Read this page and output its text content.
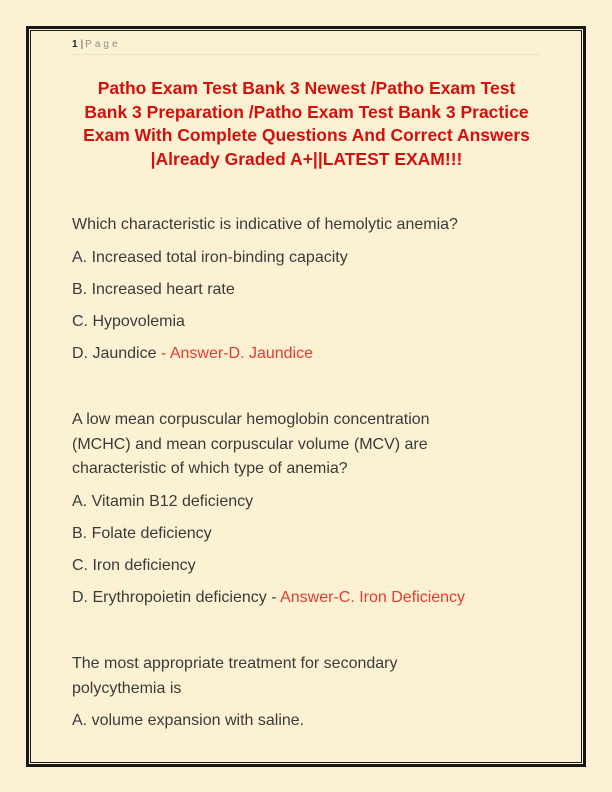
1 | Page
Patho Exam Test Bank 3 Newest /Patho Exam Test
Bank 3 Preparation /Patho Exam Test Bank 3 Practice
Exam With Complete Questions And Correct Answers
|Already Graded A+||LATEST EXAM!!!
Which characteristic is indicative of hemolytic anemia?

A. Increased total iron-binding capacity

B. Increased heart rate

C. Hypovolemia

D. Jaundice - Answer-D. Jaundice

A low mean corpuscular hemoglobin concentration
(MCHC) and mean corpuscular volume (MCV) are
characteristic of which type of anemia?

A. Vitamin B12 deficiency

B. Folate deficiency

C. Iron deficiency

D. Erythropoietin deficiency - Answer-C. Iron Deficiency

The most appropriate treatment for secondary
polycythemia is

A. volume expansion with saline.
